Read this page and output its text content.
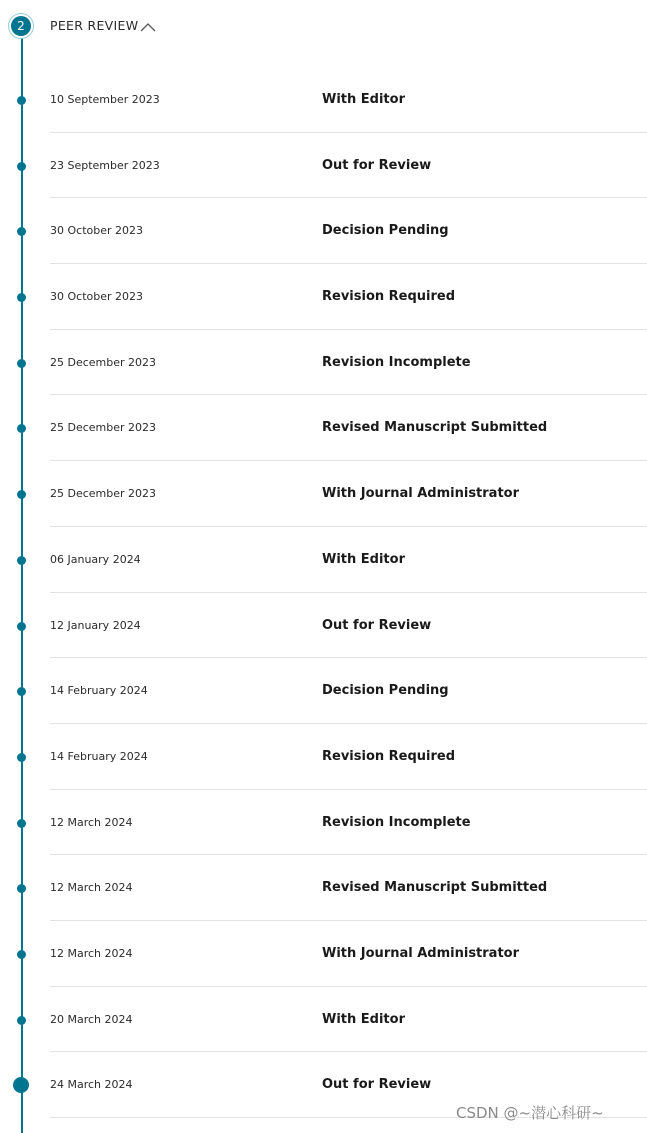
2	PEER REVIEW
10 September 2023	With Editor
23 September 2023	Out for Review
30 October 2023	Decision Pending
30 October 2023	Revision Required
25 December 2023	Revision Incomplete
25 December 2023	Revised Manuscript Submitted
25 December 2023	With Journal Administrator
06 January 2024	With Editor
12 January 2024	Out for Review
14 February 2024	Decision Pending
14 February 2024	Revision Required
12 March 2024	Revision Incomplete
12 March 2024	Revised Manuscript Submitted
12 March 2024	With Journal Administrator
20 March 2024	With Editor
24 March 2024	Out for Review
CSDN @~潜心科研~
